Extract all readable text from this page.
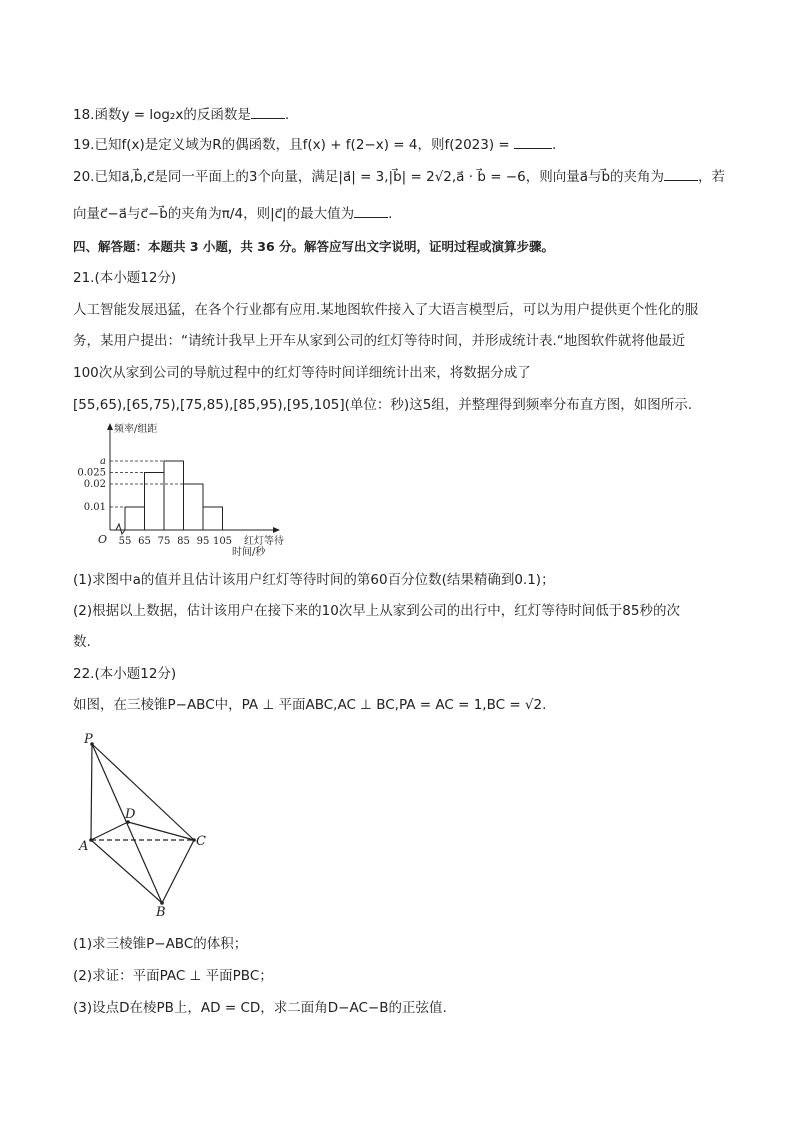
18.函数y = log₂x的反函数是	.
19.已知f(x)是定义域为R的偶函数，且f(x) + f(2−x) = 4，则f(2023) =	.
20.已知a⃗,b⃗,c⃗是同一平面上的3个向量，满足|a⃗| = 3,|b⃗| = 2√2,a⃗ · b⃗ = −6，则向量a⃗与b⃗的夹角为	，若
向量c⃗−a⃗与c⃗−b⃗的夹角为π/4，则|c⃗|的最大值为	.
四、解答题：本题共 3 小题，共 36 分。解答应写出文字说明，证明过程或演算步骤。
21.(本小题12分)
人工智能发展迅猛，在各个行业都有应用.某地图软件接入了大语言模型后，可以为用户提供更个性化的服
务，某用户提出：“请统计我早上开车从家到公司的红灯等待时间，并形成统计表.“地图软件就将他最近
100次从家到公司的导航过程中的红灯等待时间详细统计出来，将数据分成了
[55,65),[65,75),[75,85),[85,95),[95,105](单位：秒)这5组，并整理得到频率分布直方图，如图所示.
0.01
0.02
0.025
a
55 65 75 85 95 105
O
频率/组距
红灯等待
时间/秒
(1)求图中a的值并且估计该用户红灯等待时间的第60百分位数(结果精确到0.1)；
(2)根据以上数据，估计该用户在接下来的10次早上从家到公司的出行中，红灯等待时间低于85秒的次
数.
22.(本小题12分)
如图，在三棱锥P−ABC中，PA ⊥ 平面ABC,AC ⊥ BC,PA = AC = 1,BC = √2.
P
A
B
C
D
(1)求三棱锥P−ABC的体积；
(2)求证：平面PAC ⊥ 平面PBC；
(3)设点D在棱PB上，AD = CD，求二面角D−AC−B的正弦值.
